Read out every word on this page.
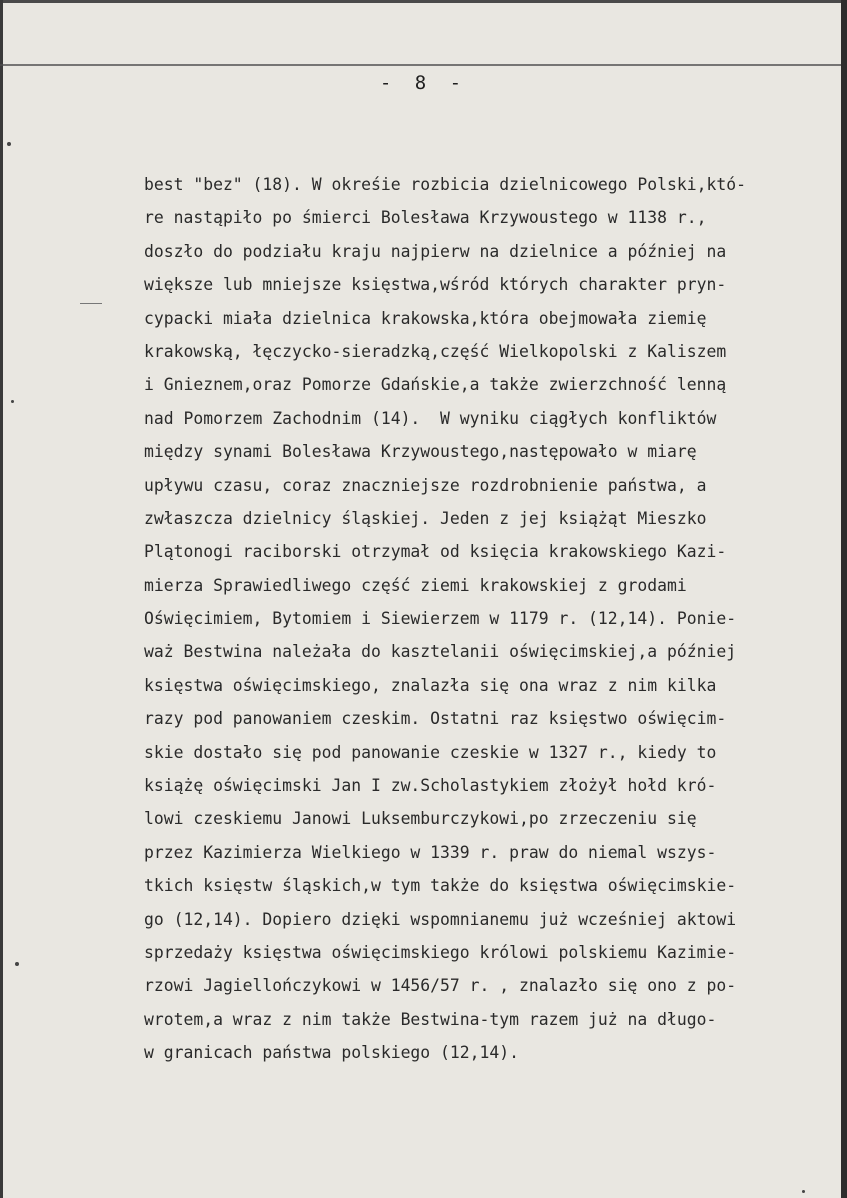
- 8 -
best "bez" (18). W okreśie rozbicia dzielnicowego Polski,któ-
re nastąpiło po śmierci Bolesława Krzywoustego w 1138 r.,
doszło do podziału kraju najpierw na dzielnice a później na
większe lub mniejsze księstwa,wśród których charakter pryn-
cypacki miała dzielnica krakowska,która obejmowała ziemię
krakowską, łęczycko-sieradzką,część Wielkopolski z Kaliszem
i Gnieznem,oraz Pomorze Gdańskie,a także zwierzchność lenną
nad Pomorzem Zachodnim (14).  W wyniku ciągłych konfliktów
między synami Bolesława Krzywoustego,następowało w miarę
upływu czasu, coraz znaczniejsze rozdrobnienie państwa, a
zwłaszcza dzielnicy śląskiej. Jeden z jej książąt Mieszko
Plątonogi raciborski otrzymał od księcia krakowskiego Kazi-
mierza Sprawiedliwego część ziemi krakowskiej z grodami
Oświęcimiem, Bytomiem i Siewierzem w 1179 r. (12,14). Ponie-
waż Bestwina należała do kasztelanii oświęcimskiej,a później
księstwa oświęcimskiego, znalazła się ona wraz z nim kilka
razy pod panowaniem czeskim. Ostatni raz księstwo oświęcim-
skie dostało się pod panowanie czeskie w 1327 r., kiedy to
książę oświęcimski Jan I zw.Scholastykiem złożył hołd kró-
lowi czeskiemu Janowi Luksemburczykowi,po zrzeczeniu się
przez Kazimierza Wielkiego w 1339 r. praw do niemal wszys-
tkich księstw śląskich,w tym także do księstwa oświęcimskie-
go (12,14). Dopiero dzięki wspomnianemu już wcześniej aktowi
sprzedaży księstwa oświęcimskiego królowi polskiemu Kazimie-
rzowi Jagiellończykowi w 1456/57 r. , znalazło się ono z po-
wrotem,a wraz z nim także Bestwina-tym razem już na długo-
w granicach państwa polskiego (12,14).
